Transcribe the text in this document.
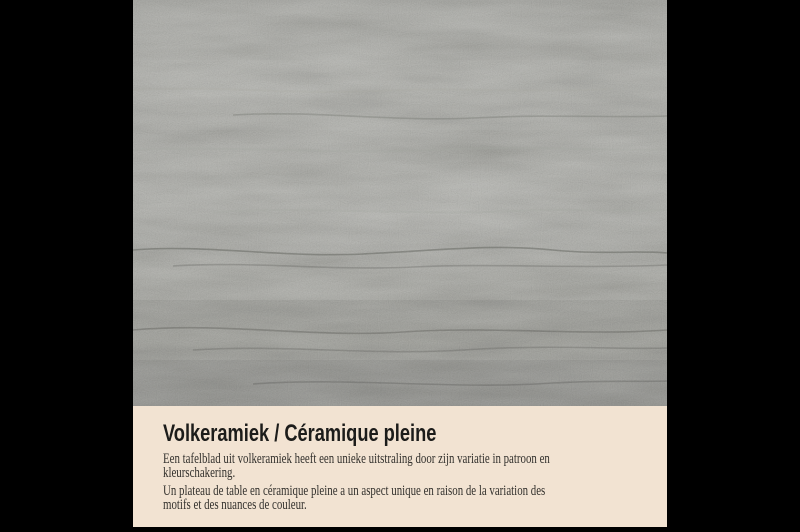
Volkeramiek / Céramique pleine
Een tafelblad uit volkeramiek heeft een unieke uitstraling door zijn variatie in patroon en
kleurschakering.
Un plateau de table en céramique pleine a un aspect unique en raison de la variation des
motifs et des nuances de couleur.
